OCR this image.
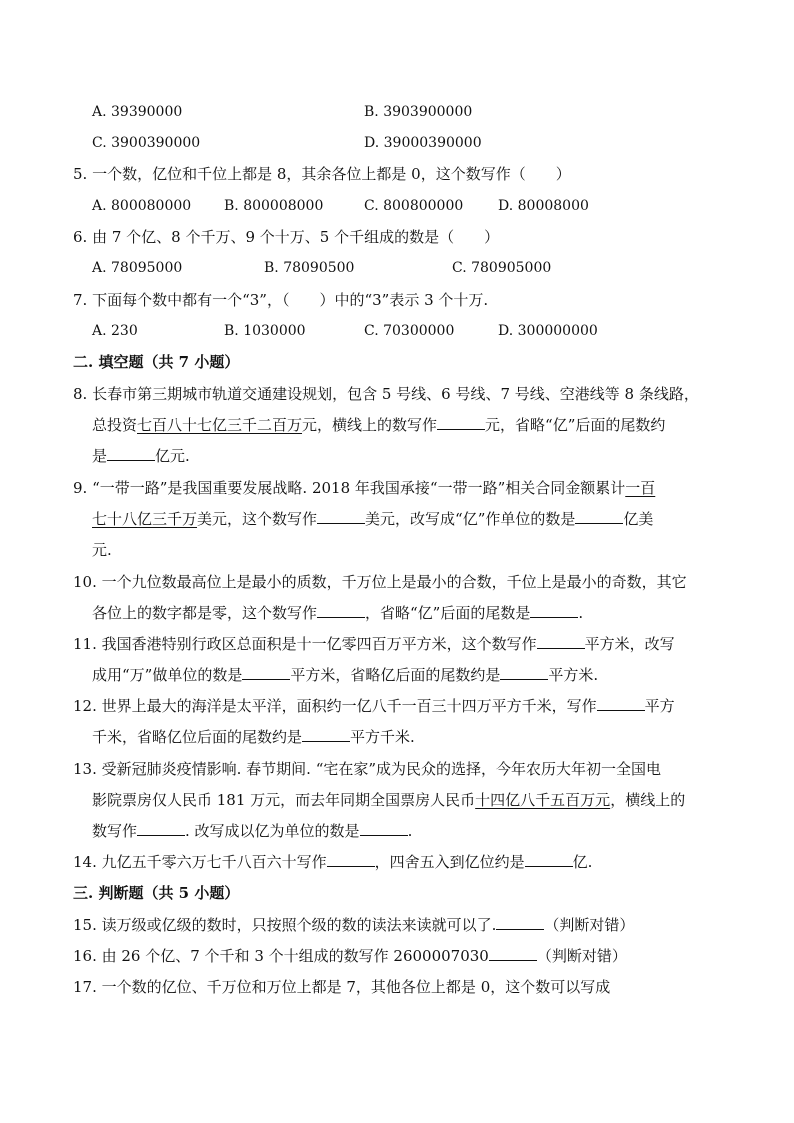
A. 39390000	B. 3903900000
C. 3900390000	D. 39000390000
5. 一个数，亿位和千位上都是 8，其余各位上都是 0，这个数写作（　　）
A. 800080000 B. 800008000	C. 800800000 D. 80008000
6. 由 7 个亿、8 个千万、9 个十万、5 个千组成的数是（　　）
A. 78095000	B. 78090500	C. 780905000
7. 下面每个数中都有一个“3”，（　　）中的“3”表示 3 个十万.
A. 230	B. 1030000	C. 70300000	D. 300000000
二. 填空题（共 7 小题）
8. 长春市第三期城市轨道交通建设规划，包含 5 号线、6 号线、7 号线、空港线等 8 条线路，
总投资七百八十七亿三千二百万元，横线上的数写作	元，省略“亿”后面的尾数约
是	亿元.
9. “一带一路”是我国重要发展战略. 2018 年我国承接“一带一路”相关合同金额累计一百
七十八亿三千万美元，这个数写作	美元，改写成“亿”作单位的数是	亿美
元.
10. 一个九位数最高位上是最小的质数，千万位上是最小的合数，千位上是最小的奇数，其它
各位上的数字都是零，这个数写作	，省略“亿”后面的尾数是	.
11. 我国香港特别行政区总面积是十一亿零四百万平方米，这个数写作	平方米，改写
成用“万”做单位的数是	平方米，省略亿后面的尾数约是	平方米.
12. 世界上最大的海洋是太平洋，面积约一亿八千一百三十四万平方千米，写作	平方
千米，省略亿位后面的尾数约是	平方千米.
13. 受新冠肺炎疫情影响. 春节期间. “宅在家”成为民众的选择，今年农历大年初一全国电
影院票房仅人民币 181 万元，而去年同期全国票房人民币十四亿八千五百万元，横线上的
数写作	. 改写成以亿为单位的数是	.
14. 九亿五千零六万七千八百六十写作	，四舍五入到亿位约是	亿.
三. 判断题（共 5 小题）
15. 读万级或亿级的数时，只按照个级的数的读法来读就可以了.	（判断对错）
16. 由 26 个亿、7 个千和 3 个十组成的数写作 2600007030	（判断对错）
17. 一个数的亿位、千万位和万位上都是 7，其他各位上都是 0，这个数可以写成
